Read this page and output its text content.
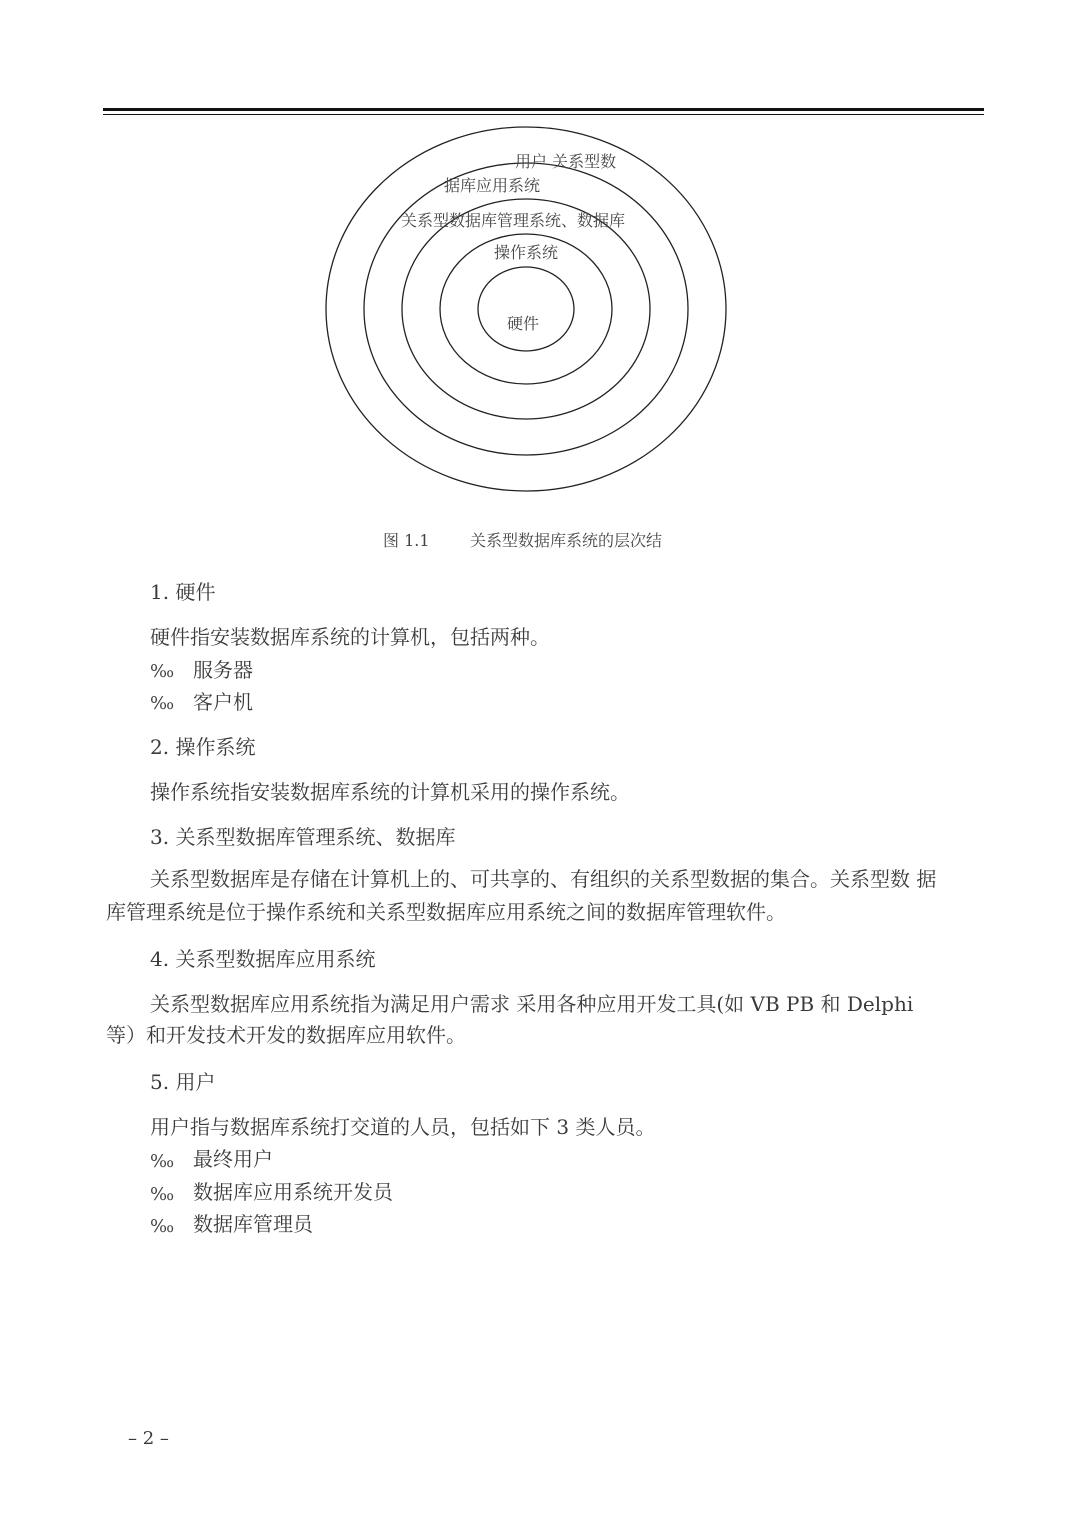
用户 关系型数
据库应用系统
关系型数据库管理系统、数据库
操作系统
硬件
图 1.1	关系型数据库系统的层次结
1. 硬件
硬件指安装数据库系统的计算机，包括两种。
‰ 服务器
‰ 客户机
2. 操作系统
操作系统指安装数据库系统的计算机采用的操作系统。
3. 关系型数据库管理系统、数据库
关系型数据库是存储在计算机上的、可共享的、有组织的关系型数据的集合。关系型数 据
库管理系统是位于操作系统和关系型数据库应用系统之间的数据库管理软件。
4. 关系型数据库应用系统
关系型数据库应用系统指为满足用户需求 采用各种应用开发工具(如 VB PB 和 Delphi
等）和开发技术开发的数据库应用软件。
5. 用户
用户指与数据库系统打交道的人员，包括如下 3 类人员。
‰ 最终用户
‰ 数据库应用系统开发员
‰ 数据库管理员
– 2 –
